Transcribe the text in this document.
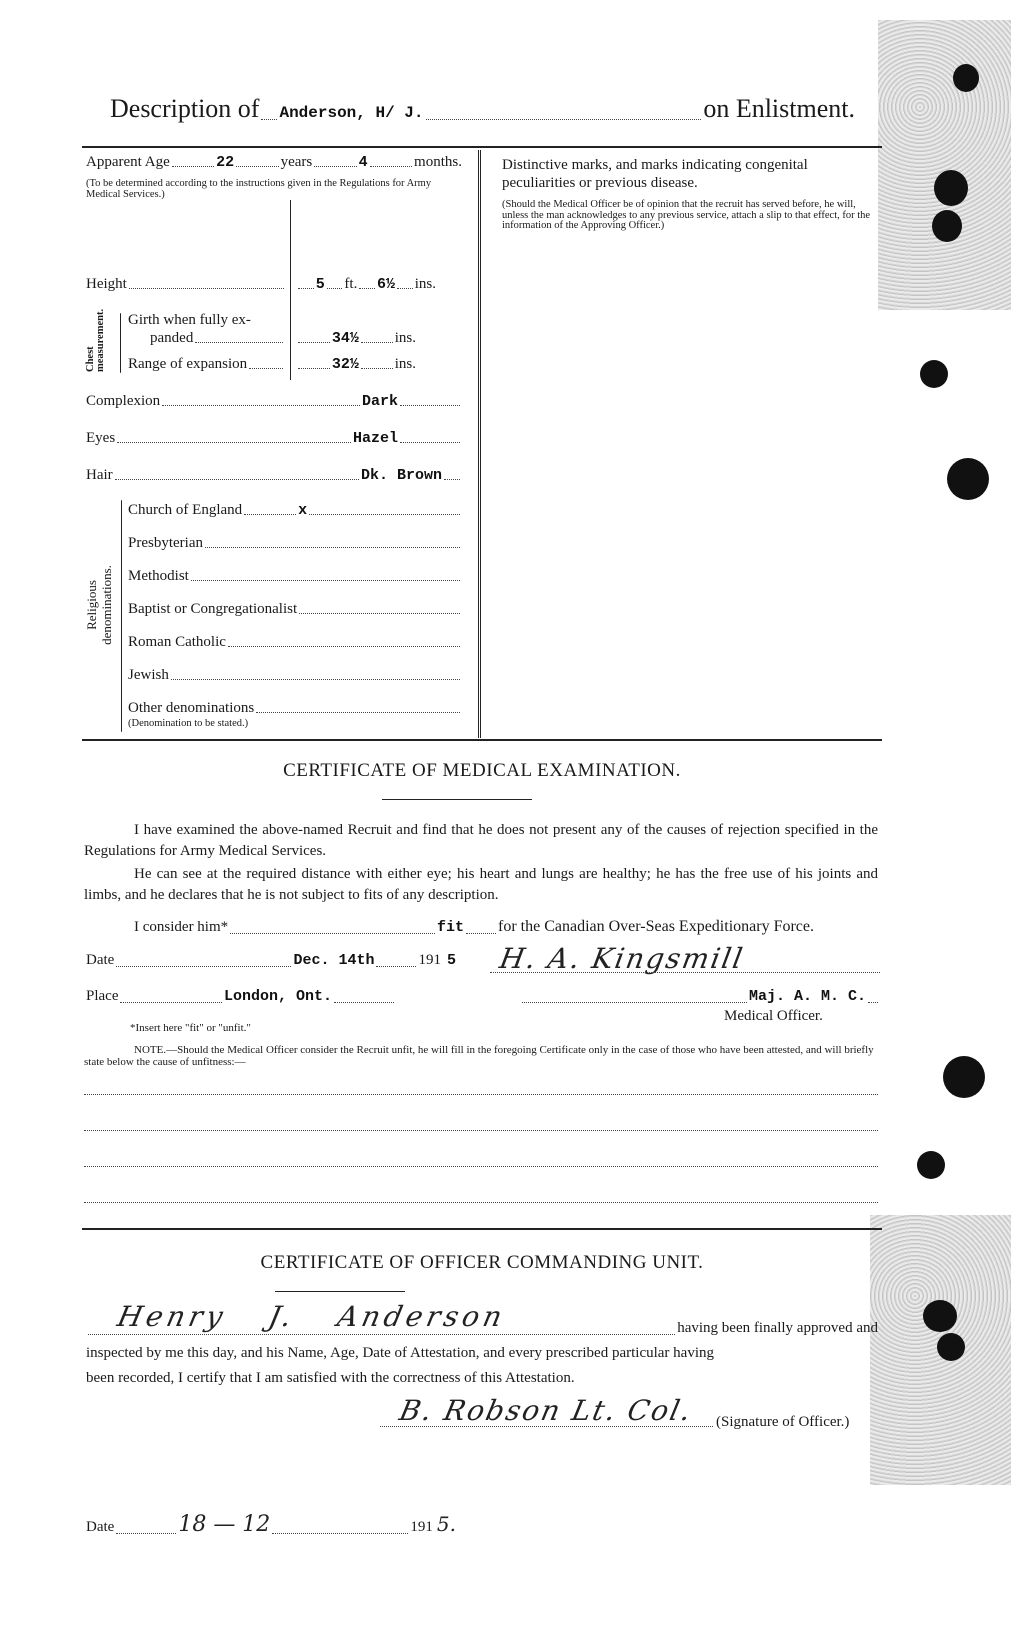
Description of Anderson, H/ J.	on Enlistment.
Apparent Age	22	years	4	months.
(To be determined according to the instructions given in the Regulations for Army Medical Services.)
Height	5 ft. 6½ ins.
Chest measurement. Girth when fully ex-
panded	34½ ins.
Range of expansion	32½ ins.
Complexion	Dark
Eyes	Hazel
Hair	Dk. Brown
Religious denominations.
Church of England	x
Presbyterian
Methodist
Baptist or Congregationalist
Roman Catholic
Jewish
Other denominations
(Denomination to be stated.)
Distinctive marks, and marks indicating congenital peculiarities or previous disease.
(Should the Medical Officer be of opinion that the recruit has served before, he will, unless the man acknowledges to any previous service, attach a slip to that effect, for the information of the Approving Officer.)
CERTIFICATE OF MEDICAL EXAMINATION.
I have examined the above-named Recruit and find that he does not present any of the causes of rejection specified in the Regulations for Army Medical Services.
He can see at the required distance with either eye; his heart and lungs are healthy; he has the free use of his joints and limbs, and he declares that he is not subject to fits of any description.
I consider him*	fit for the Canadian Over-Seas Expeditionary Force.
Date	Dec. 14th	191 5 H. A. Kingsmill
Place	London, Ont.	Maj. A. M. C.
Medical Officer.
*Insert here "fit" or "unfit."
NOTE.—Should the Medical Officer consider the Recruit unfit, he will fill in the foregoing Certificate only in the case of those who have been attested, and will briefly state below the cause of unfitness:—
CERTIFICATE OF OFFICER COMMANDING UNIT.
Henry J. Anderson	having been finally approved and
inspected by me this day, and his Name, Age, Date of Attestation, and every prescribed particular having
been recorded, I certify that I am satisfied with the correctness of this Attestation.
B. Robson Lt. Col. (Signature of Officer.)
Date	18 — 12	191 5.
